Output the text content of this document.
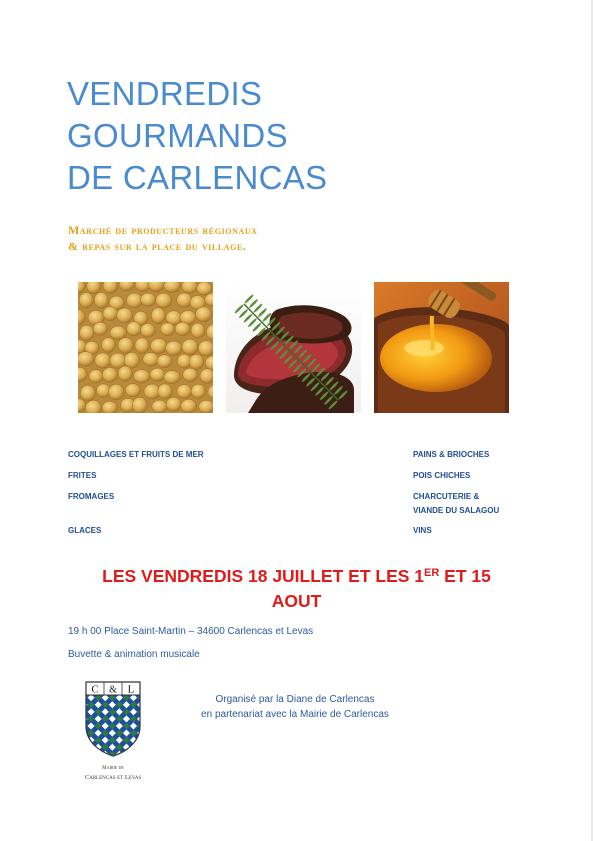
VENDREDIS
GOURMANDS
DE CARLENCAS
Marché de producteurs régionaux
& repas sur la place du village.
COQUILLAGES ET FRUITS DE MER
FRITES
FROMAGES
GLACES
PAINS & BRIOCHES
POIS CHICHES
CHARCUTERIE &
VIANDE DU SALAGOU
VINS
LES VENDREDIS 18 JUILLET ET LES 1ER ET 15
AOUT
19 h 00 Place Saint-Martin – 34600 Carlencas et Levas
Buvette & animation musicale
C & L
Mairie de
Carlencas et Levas
Organisé par la Diane de Carlencas
en partenariat avec la Mairie de Carlencas
